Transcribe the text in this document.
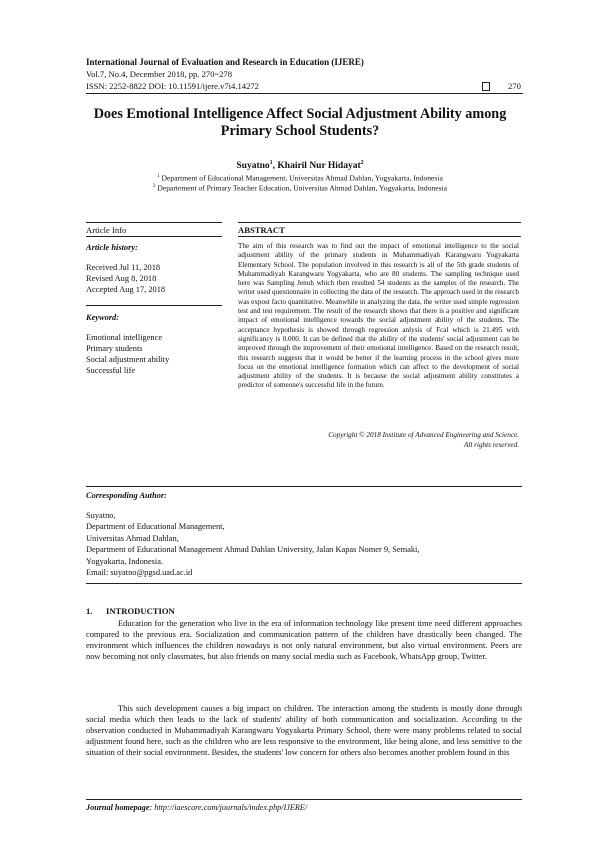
International Journal of Evaluation and Research in Education (IJERE)
Vol.7, No.4, December 2018, pp. 270~278
ISSN: 2252-8822 DOI: 10.11591/ijere.v7i4.14272	270
Does Emotional Intelligence Affect Social Adjustment Ability among Primary School Students?
Suyatno$^1$, Khairil Nur Hidayat$^2$
$^1$ Department of Educational Management, Universitas Ahmad Dahlan, Yogyakarta, Indonesia
$^2$ Departement of Primary Teacher Education, Universitas Ahmad Dahlan, Yogyakarta, Indonesia
Article Info	ABSTRACT
Article history:
Received Jul 11, 2018
Revised Aug 8, 2018
Accepted Aug 17, 2018
Keyword:
Emotional intelligence
Primary students
Social adjustment ability
Successful life
The aim of this research was to find out the impact of emotional intelligence to the social adjustment ability of the primary students in Muhammadiyah Karangwaru Yogyakarta Elementary School. The population involved in this research is all of the 5th grade students of Muhammadiyah Karangwaru Yogyakarta, who are 80 students. The sampling technique used here was Sampling Jenuh which then resulted 54 students as the samples of the research. The writer used questionnaire in collecting the data of the research. The approach used in the research was expost facto quantitative. Meanwhile in analyzing the data, the writer used simple regression test and test requirement. The result of the research shows that there is a positive and significant impact of emotional intelligence towards the social adjustment ability of the students. The acceptance hypothesis is showed through regression anlysis of Fcal which is 21.495 with significancy is 0.000. It can be defined that the ability of the students' social adjustment can be improved through the improvement of their emotional intelligence. Based on the research result, this research suggests that it would be better if the learning process in the school gives more focus on the emotional intelligence formation which can affect to the development of social adjustment ability of the students. It is because the social adjustment ability constitutes a predictor of someone's successful life in the future.
Copyright © 2018 Institute of Advanced Engineering and Science.
All rights reserved.
Corresponding Author:
Suyatno,
Department of Educational Management,
Universitas Ahmad Dahlan,
Department of Educational Management Ahmad Dahlan University, Jalan Kapas Nomer 9, Semaki,
Yogyakarta, Indonesia.
Email: suyatno@pgsd.uad.ac.id
1. INTRODUCTION

Education for the generation who live in the era of information technology like present time need different approaches compared to the previous era. Socialization and communication pattern of the children have drastically been changed. The environment which influences the children nowadays is not only natural environment, but also virtual environment. Peers are now becoming not only classmates, but also friends on many social media such as Facebook, WhatsApp group, Twitter.

This such development causes a big impact on children. The interaction among the students is mostly done through social media which then leads to the lack of students' ability of both communication and socialization. According to the observation conducted in Muhammadiyah Karangwaru Yogyakarta Primary School, there were many problems related to social adjustment found here, such as the children who are less responsive to the environment, like being alone, and less sensitive to the situation of their social environment. Besides, the students' low concern for others also becomes another problem found in this

Journal homepage: http://iaescore.com/journals/index.php/IJERE/
